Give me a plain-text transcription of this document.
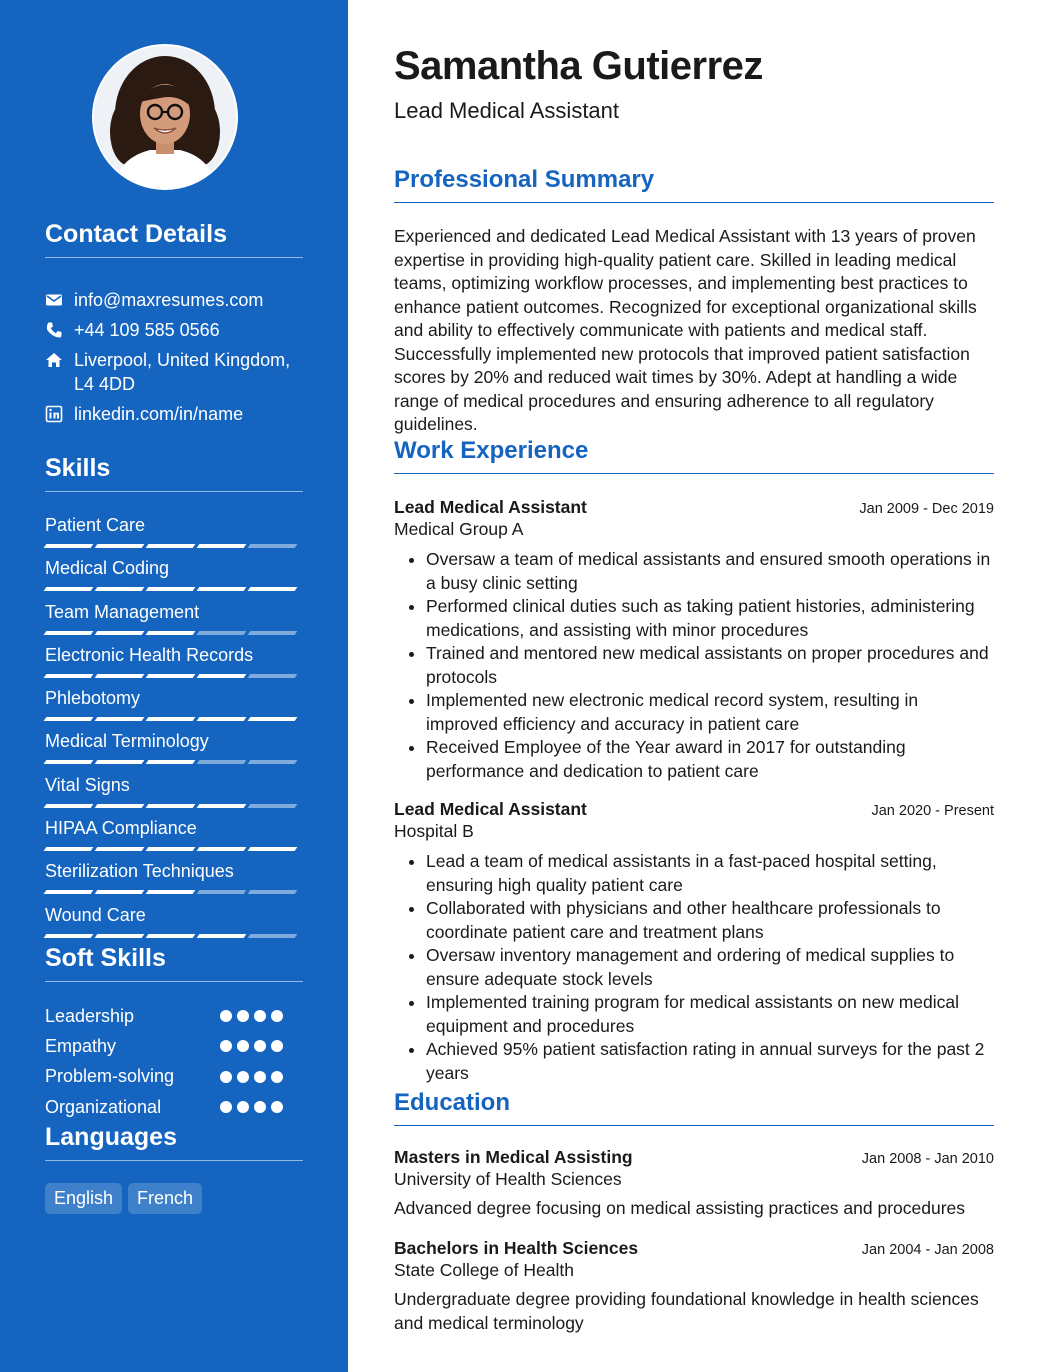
Contact Details
info@maxresumes.com
+44 109 585 0566
Liverpool, United Kingdom, L4 4DD
linkedin.com/in/name
Skills
Patient Care
Medical Coding
Team Management
Electronic Health Records
Phlebotomy
Medical Terminology
Vital Signs
HIPAA Compliance
Sterilization Techniques
Wound Care
Soft Skills
Leadership
Empathy
Problem-solving
Organizational
Languages
English	French
Samantha Gutierrez

Lead Medical Assistant

Professional Summary

Experienced and dedicated Lead Medical Assistant with 13 years of proven expertise in providing high-quality patient care. Skilled in leading medical teams, optimizing workflow processes, and implementing best practices to enhance patient outcomes. Recognized for exceptional organizational skills and ability to effectively communicate with patients and medical staff. Successfully implemented new protocols that improved patient satisfaction scores by 20% and reduced wait times by 30%. Adept at handling a wide range of medical procedures and ensuring adherence to all regulatory guidelines.

Work Experience
Lead Medical Assistant	Jan 2009 - Dec 2019
Medical Group A
• Oversaw a team of medical assistants and ensured smooth operations in a busy clinic setting
• Performed clinical duties such as taking patient histories, administering medications, and assisting with minor procedures
• Trained and mentored new medical assistants on proper procedures and protocols
• Implemented new electronic medical record system, resulting in improved efficiency and accuracy in patient care
• Received Employee of the Year award in 2017 for outstanding performance and dedication to patient care
Lead Medical Assistant	Jan 2020 - Present
Hospital B
• Lead a team of medical assistants in a fast-paced hospital setting, ensuring high quality patient care
• Collaborated with physicians and other healthcare professionals to coordinate patient care and treatment plans
• Oversaw inventory management and ordering of medical supplies to ensure adequate stock levels
• Implemented training program for medical assistants on new medical equipment and procedures
• Achieved 95% patient satisfaction rating in annual surveys for the past 2 years
Education
Masters in Medical Assisting	Jan 2008 - Jan 2010
University of Health Sciences
Advanced degree focusing on medical assisting practices and procedures
Bachelors in Health Sciences	Jan 2004 - Jan 2008
State College of Health
Undergraduate degree providing foundational knowledge in health sciences and medical terminology
